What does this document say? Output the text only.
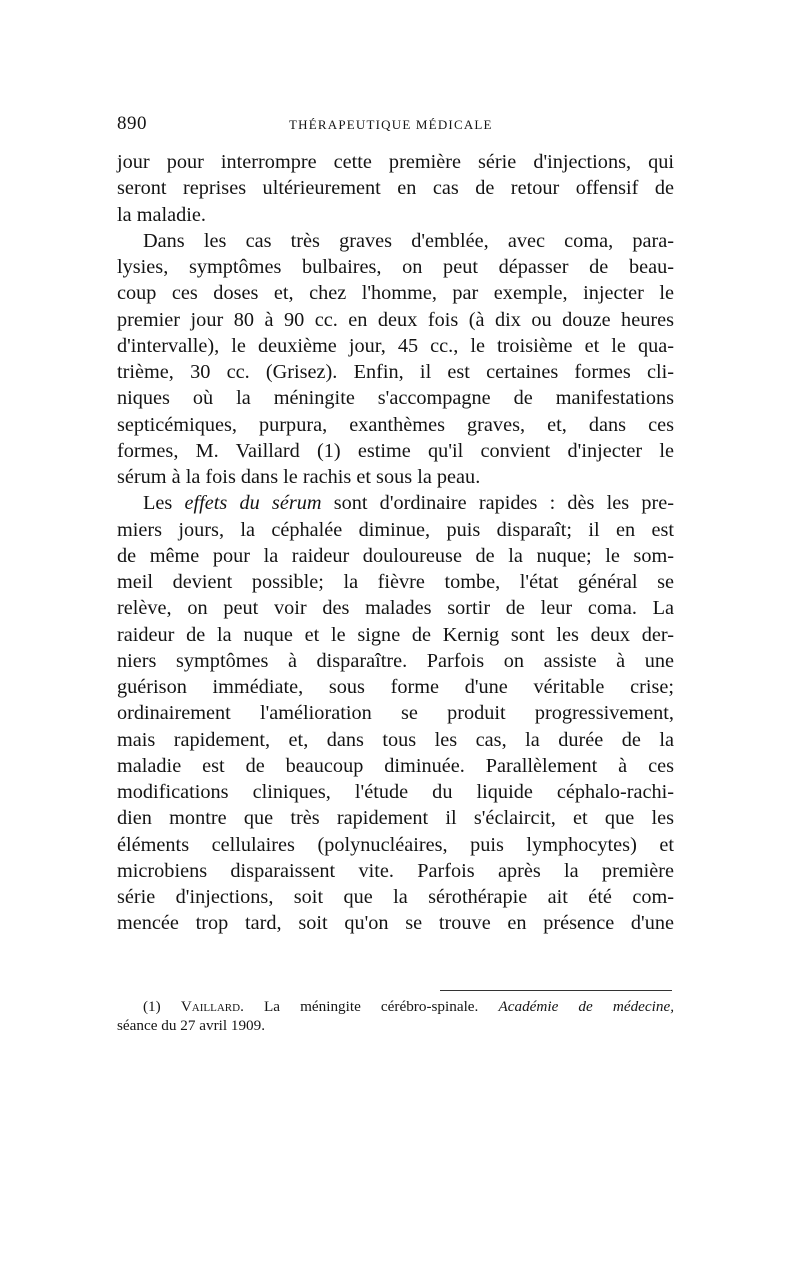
890	THÉRAPEUTIQUE MÉDICALE
jour pour interrompre cette première série d'injections, qui
seront reprises ultérieurement en cas de retour offensif de
la maladie.
Dans les cas très graves d'emblée, avec coma, para-
lysies, symptômes bulbaires, on peut dépasser de beau-
coup ces doses et, chez l'homme, par exemple, injecter le
premier jour 80 à 90 cc. en deux fois (à dix ou douze heures
d'intervalle), le deuxième jour, 45 cc., le troisième et le qua-
trième, 30 cc. (Grisez). Enfin, il est certaines formes cli-
niques où la méningite s'accompagne de manifestations
septicémiques, purpura, exanthèmes graves, et, dans ces
formes, M. Vaillard (1) estime qu'il convient d'injecter le
sérum à la fois dans le rachis et sous la peau.
Les effets du sérum sont d'ordinaire rapides : dès les pre-
miers jours, la céphalée diminue, puis disparaît; il en est
de même pour la raideur douloureuse de la nuque; le som-
meil devient possible; la fièvre tombe, l'état général se
relève, on peut voir des malades sortir de leur coma. La
raideur de la nuque et le signe de Kernig sont les deux der-
niers symptômes à disparaître. Parfois on assiste à une
guérison immédiate, sous forme d'une véritable crise;
ordinairement l'amélioration se produit progressivement,
mais rapidement, et, dans tous les cas, la durée de la
maladie est de beaucoup diminuée. Parallèlement à ces
modifications cliniques, l'étude du liquide céphalo-rachi-
dien montre que très rapidement il s'éclaircit, et que les
éléments cellulaires (polynucléaires, puis lymphocytes) et
microbiens disparaissent vite. Parfois après la première
série d'injections, soit que la sérothérapie ait été com-
mencée trop tard, soit qu'on se trouve en présence d'une
(1) Vaillard. La méningite cérébro-spinale. Académie de médecine,
séance du 27 avril 1909.
